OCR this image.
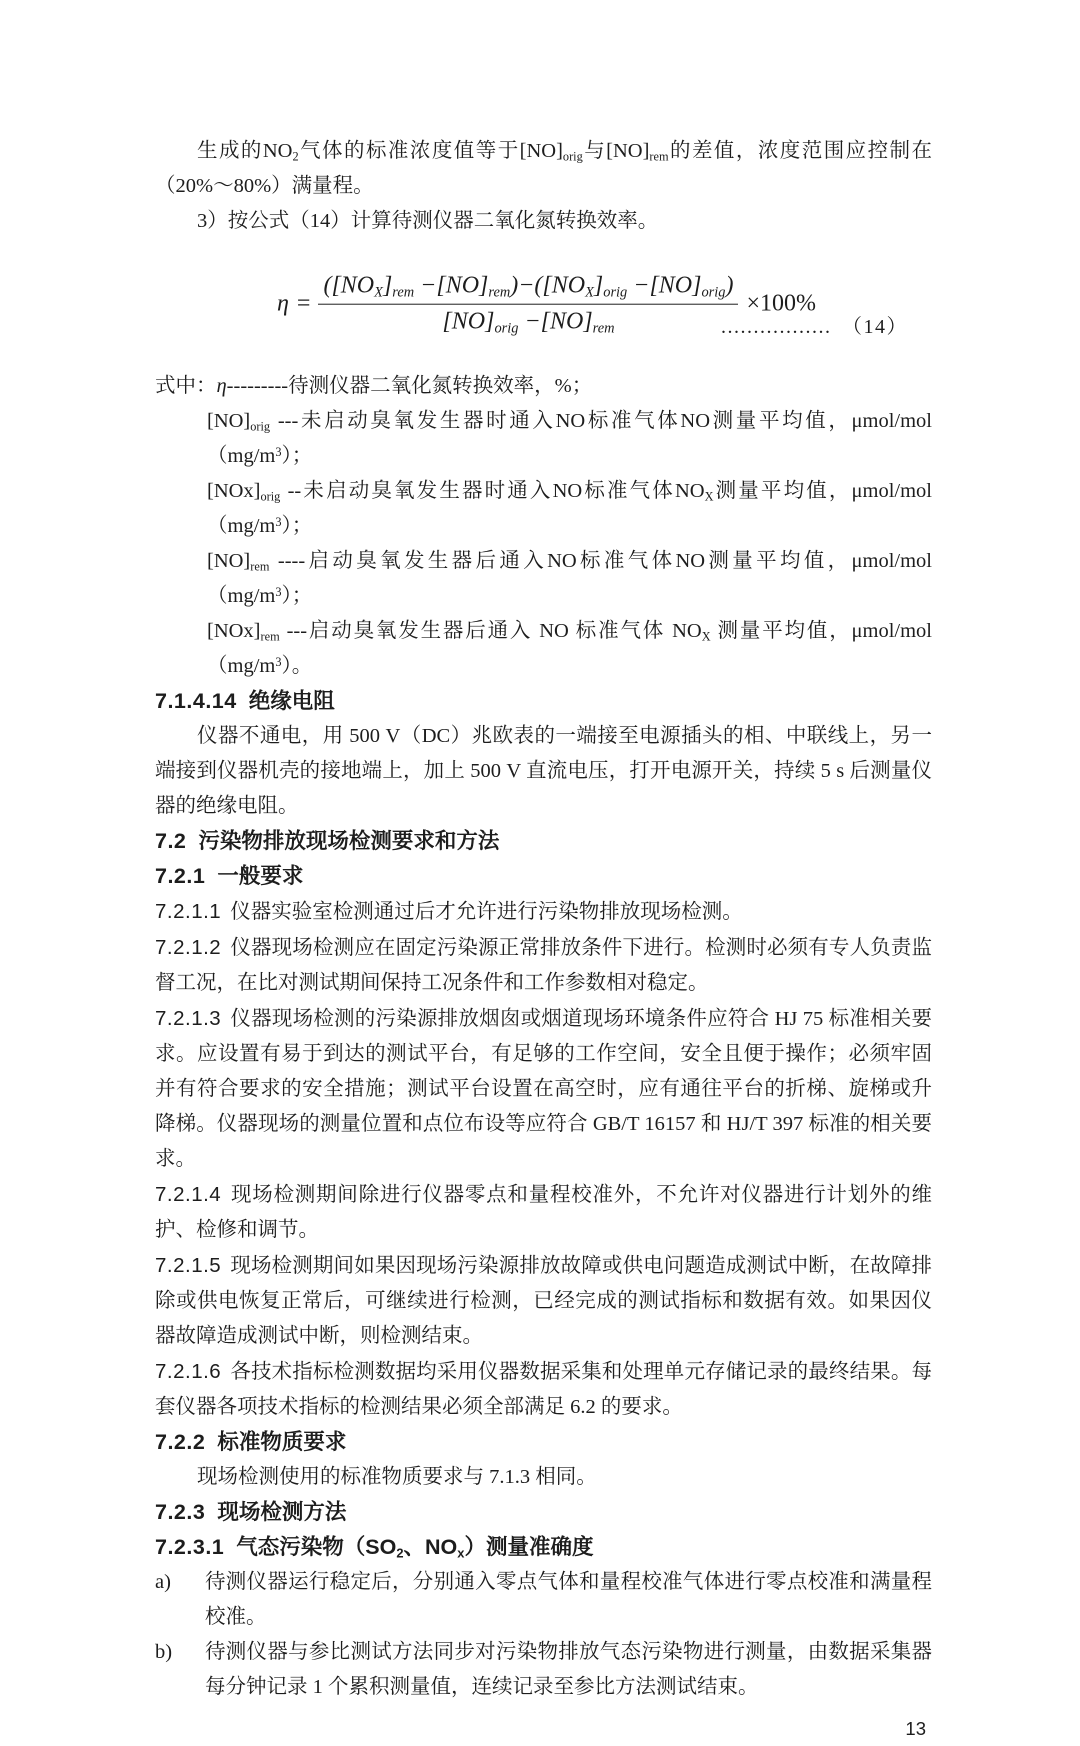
生成的$NO_2$气体的标准浓度值等于$[NO]_{orig}$与$[NO]_{rem}$的差值，浓度范围应控制在（20%～80%）满量程。

3）按公式（14）计算待测仪器二氧化氮转换效率。

$\eta = \frac{([NO_X]_{rem} -[NO]_{rem})-([NO_X]_{orig} -[NO]_{orig})}{[NO]_{orig} -[NO]_{rem}} \times 100\%$
................. （14）

式中：η---------待测仪器二氧化氮转换效率，%；

$[NO]_{orig}$ ---未启动臭氧发生器时通入NO标准气体NO测量平均值，μmol/$mol(mg/m^3)$；

$[NOx]_{orig}$ --未启动臭氧发生器时通入NO标准气体$NO_X$测量平均值，μmol/$mol(mg/m^3)$；

$[NO]_{rem}$ ----启动臭氧发生器后通入NO标准气体NO测量平均值，μmol/$mol(mg/m^3)$；

$[NOx]_{rem}$ ---启动臭氧发生器后通入 NO 标准气体 $NO_X$ 测量平均值，μmol/$mol(mg/m^3)$。

7.1.4.14 绝缘电阻

仪器不通电，用 500 V（DC）兆欧表的一端接至电源插头的相、中联线上，另一端接到仪器机壳的接地端上，加上 500 V 直流电压，打开电源开关，持续 5 s 后测量仪器的绝缘电阻。

7.2 污染物排放现场检测要求和方法

7.2.1 一般要求

7.2.1.1 仪器实验室检测通过后才允许进行污染物排放现场检测。

7.2.1.2 仪器现场检测应在固定污染源正常排放条件下进行。检测时必须有专人负责监督工况，在比对测试期间保持工况条件和工作参数相对稳定。

7.2.1.3 仪器现场检测的污染源排放烟囱或烟道现场环境条件应符合 HJ 75 标准相关要求。应设置有易于到达的测试平台，有足够的工作空间，安全且便于操作；必须牢固并有符合要求的安全措施；测试平台设置在高空时，应有通往平台的折梯、旋梯或升降梯。仪器现场的测量位置和点位布设等应符合 GB/T 16157 和 HJ/T 397 标准的相关要求。

7.2.1.4 现场检测期间除进行仪器零点和量程校准外，不允许对仪器进行计划外的维护、检修和调节。

7.2.1.5 现场检测期间如果因现场污染源排放故障或供电问题造成测试中断，在故障排除或供电恢复正常后，可继续进行检测，已经完成的测试指标和数据有效。如果因仪器故障造成测试中断，则检测结束。

7.2.1.6 各技术指标检测数据均采用仪器数据采集和处理单元存储记录的最终结果。每套仪器各项技术指标的检测结果必须全部满足 6.2 的要求。

7.2.2 标准物质要求

现场检测使用的标准物质要求与 7.1.3 相同。

7.2.3 现场检测方法

7.2.3.1 气态污染物（$SO_2$、$NO_x$）测量准确度

a)	待测仪器运行稳定后，分别通入零点气体和量程校准气体进行零点校准和满量程校准。

b)	待测仪器与参比测试方法同步对污染物排放气态污染物进行测量，由数据采集器每分钟记录 1 个累积测量值，连续记录至参比方法测试结束。

13
